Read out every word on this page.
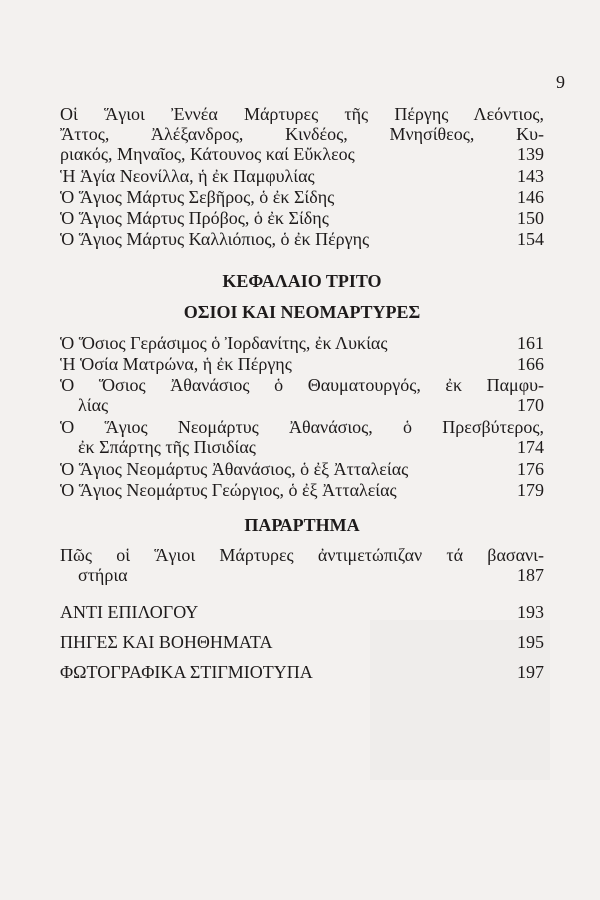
9
Οἱ Ἅγιοι Ἐννέα Μάρτυρες τῆς Πέργης Λεόντιος,
Ἄττος, Ἀλέξανδρος, Κινδέος, Μνησίθεος, Κυ-
ριακός, Μηναῖος, Κάτουνος καί Εὔκλεος	139
Ἡ Ἁγία Νεονίλλα, ἡ ἐκ Παμφυλίας	143
Ὁ Ἅγιος Μάρτυς Σεβῆρος, ὁ ἐκ Σίδης	146
Ὁ Ἅγιος Μάρτυς Πρόβος, ὁ ἐκ Σίδης	150
Ὁ Ἅγιος Μάρτυς Καλλιόπιος, ὁ ἐκ Πέργης	154
ΚΕΦΑΛΑΙΟ ΤΡΙΤΟ
ΟΣΙΟΙ ΚΑΙ ΝΕΟΜΑΡΤΥΡΕΣ
Ὁ Ὅσιος Γεράσιμος ὁ Ἰορδανίτης, ἐκ Λυκίας	161
Ἡ Ὁσία Ματρώνα, ἡ ἐκ Πέργης	166
Ὁ Ὅσιος Ἀθανάσιος ὁ Θαυματουργός, ἐκ Παμφυ-
λίας	170
Ὁ Ἅγιος Νεομάρτυς Ἀθανάσιος, ὁ Πρεσβύτερος,
ἐκ Σπάρτης τῆς Πισιδίας	174
Ὁ Ἅγιος Νεομάρτυς Ἀθανάσιος, ὁ ἐξ Ἀτταλείας	176
Ὁ Ἅγιος Νεομάρτυς Γεώργιος, ὁ ἐξ Ἀτταλείας	179
ΠΑΡΑΡΤΗΜΑ
Πῶς οἱ Ἅγιοι Μάρτυρες ἀντιμετώπιζαν τά βασανι-
στήρια	187
ΑΝΤΙ ΕΠΙΛΟΓΟΥ	193
ΠΗΓΕΣ ΚΑΙ ΒΟΗΘΗΜΑΤΑ	195
ΦΩΤΟΓΡΑΦΙΚΑ ΣΤΙΓΜΙΟΤΥΠΑ	197
